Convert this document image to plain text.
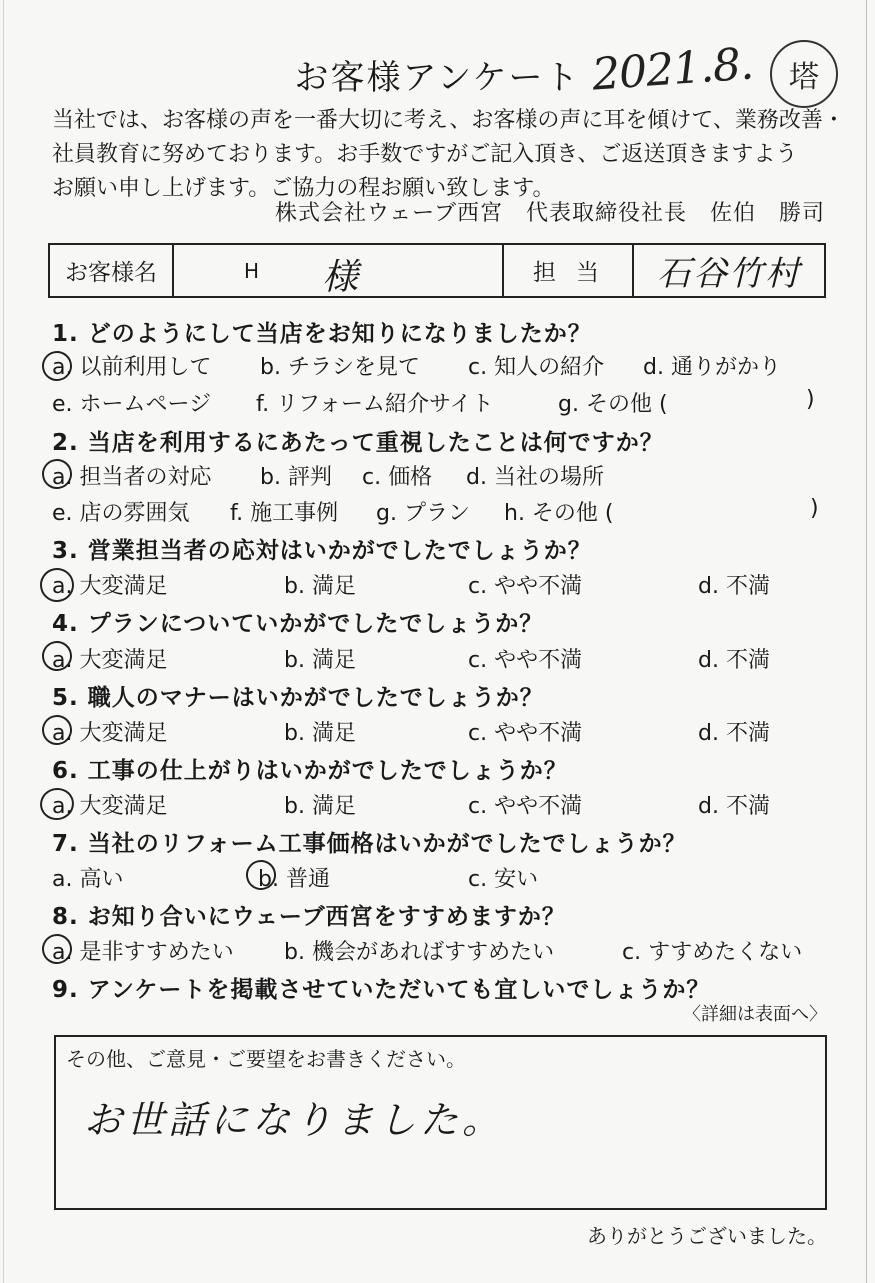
お客様アンケート 2021.8.	塔
当社では、お客様の声を一番大切に考え、お客様の声に耳を傾けて、業務改善・
社員教育に努めております。お手数ですがご記入頂き、ご返送頂きますよう
お願い申し上げます。ご協力の程お願い致します。
株式会社ウェーブ西宮　代表取締役社長　佐伯　勝司
お客様名	H 様	担当	石谷竹村
1. どのようにして当店をお知りになりましたか？
a. 以前利用して b. チラシを見て c. 知人の紹介 d. 通りがかり
e. ホームページ f. リフォーム紹介サイト	g. その他 (	)
2. 当店を利用するにあたって重視したことは何ですか？
a. 担当者の対応 b. 評判 c. 価格 d. 当社の場所
e. 店の雰囲気 f. 施工事例 g. プラン h. その他 (	)
3. 営業担当者の応対はいかがでしたでしょうか？
a. 大変満足	b. 満足	c. やや不満	d. 不満
4. プランについていかがでしたでしょうか？
a. 大変満足	b. 満足	c. やや不満	d. 不満
5. 職人のマナーはいかがでしたでしょうか？
a. 大変満足	b. 満足	c. やや不満	d. 不満
6. 工事の仕上がりはいかがでしたでしょうか？
a. 大変満足	b. 満足	c. やや不満	d. 不満
7. 当社のリフォーム工事価格はいかがでしたでしょうか？
a. 高い	b. 普通	c. 安い
8. お知り合いにウェーブ西宮をすすめますか？
a. 是非すすめたい b. 機会があればすすめたい	c. すすめたくない
9. アンケートを掲載させていただいても宜しいでしょうか？
〈詳細は表面へ〉
その他、ご意見・ご要望をお書きください。
お世話になりました。
ありがとうございました。
